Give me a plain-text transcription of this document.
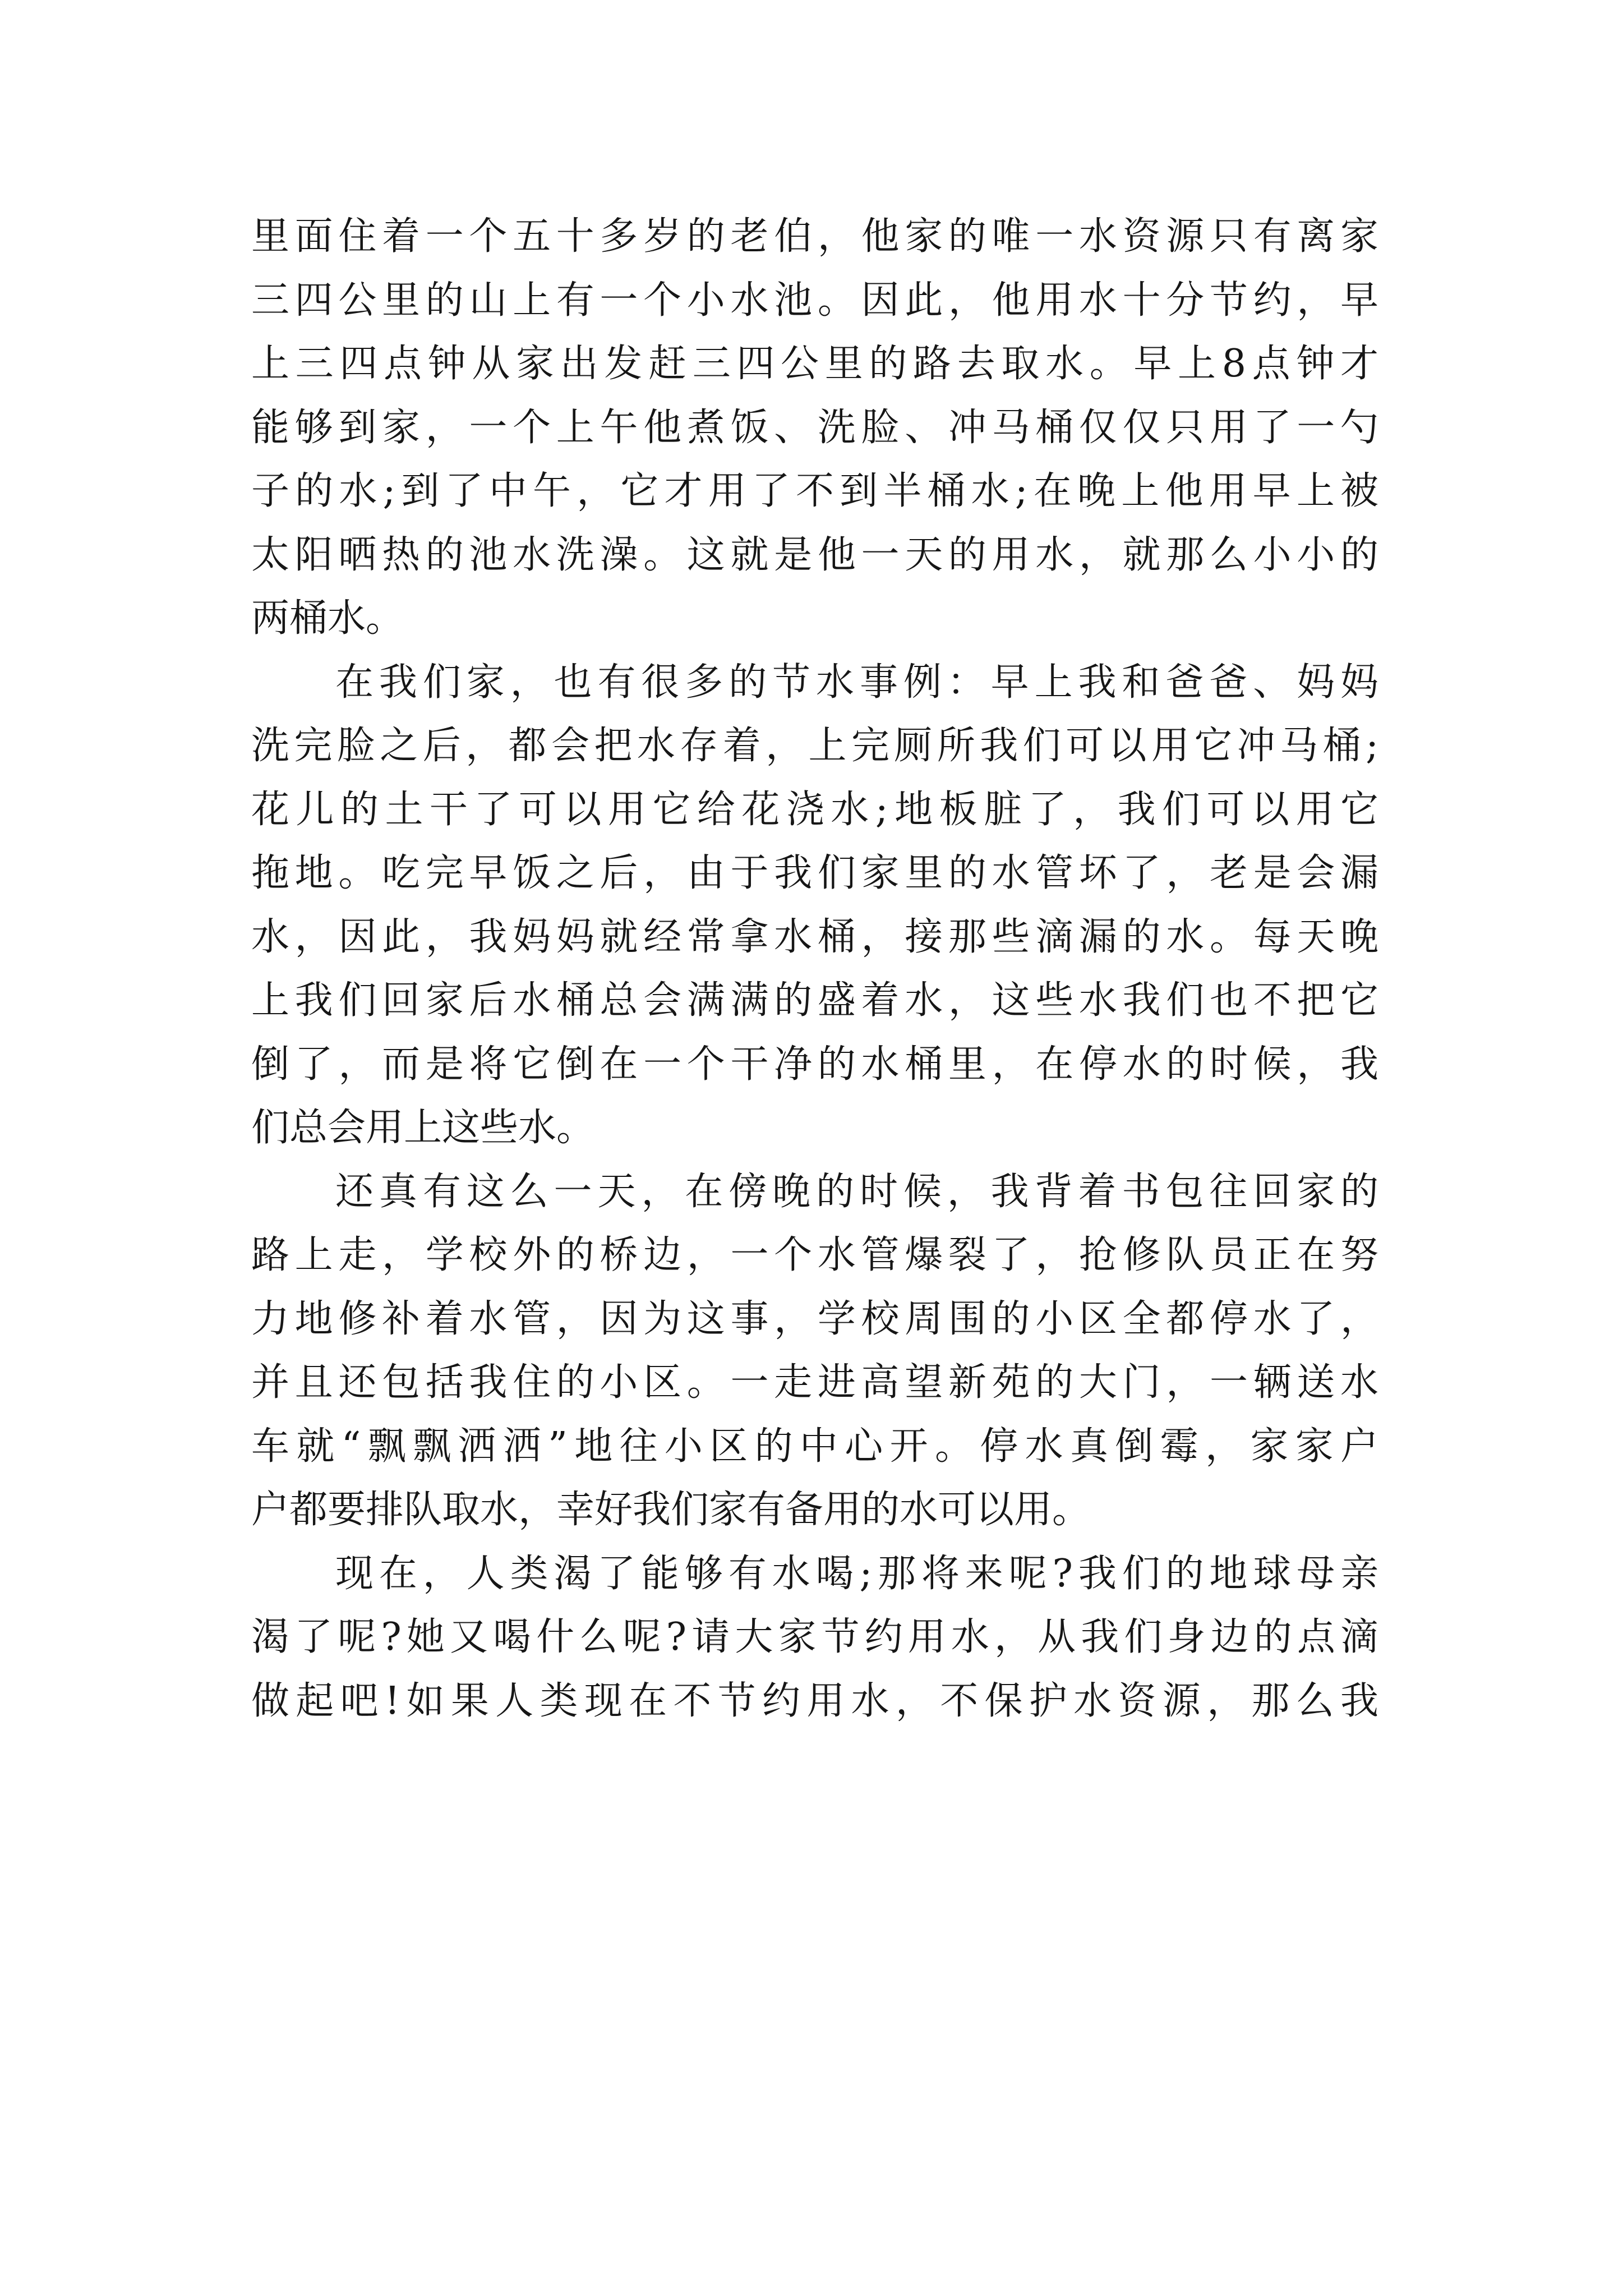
里面住着一个五十多岁的老伯，他家的唯一水资源只有离家
三四公里的山上有一个小水池。因此，他用水十分节约，早
上三四点钟从家出发赶三四公里的路去取水。早上8点钟才
能够到家，一个上午他煮饭、洗脸、冲马桶仅仅只用了一勺
子的水;到了中午，它才用了不到半桶水;在晚上他用早上被
太阳晒热的池水洗澡。这就是他一天的用水，就那么小小的
两桶水。
在我们家，也有很多的节水事例：早上我和爸爸、妈妈
洗完脸之后，都会把水存着，上完厕所我们可以用它冲马桶;
花儿的土干了可以用它给花浇水;地板脏了，我们可以用它
拖地。吃完早饭之后，由于我们家里的水管坏了，老是会漏
水，因此，我妈妈就经常拿水桶，接那些滴漏的水。每天晚
上我们回家后水桶总会满满的盛着水，这些水我们也不把它
倒了，而是将它倒在一个干净的水桶里，在停水的时候，我
们总会用上这些水。
还真有这么一天，在傍晚的时候，我背着书包往回家的
路上走，学校外的桥边，一个水管爆裂了，抢修队员正在努
力地修补着水管，因为这事，学校周围的小区全都停水了，
并且还包括我住的小区。一走进高望新苑的大门，一辆送水
车就“飘飘洒洒”地往小区的中心开。停水真倒霉，家家户
户都要排队取水，幸好我们家有备用的水可以用。
现在，人类渴了能够有水喝;那将来呢?我们的地球母亲
渴了呢?她又喝什么呢?请大家节约用水，从我们身边的点滴
做起吧!如果人类现在不节约用水，不保护水资源，那么我
